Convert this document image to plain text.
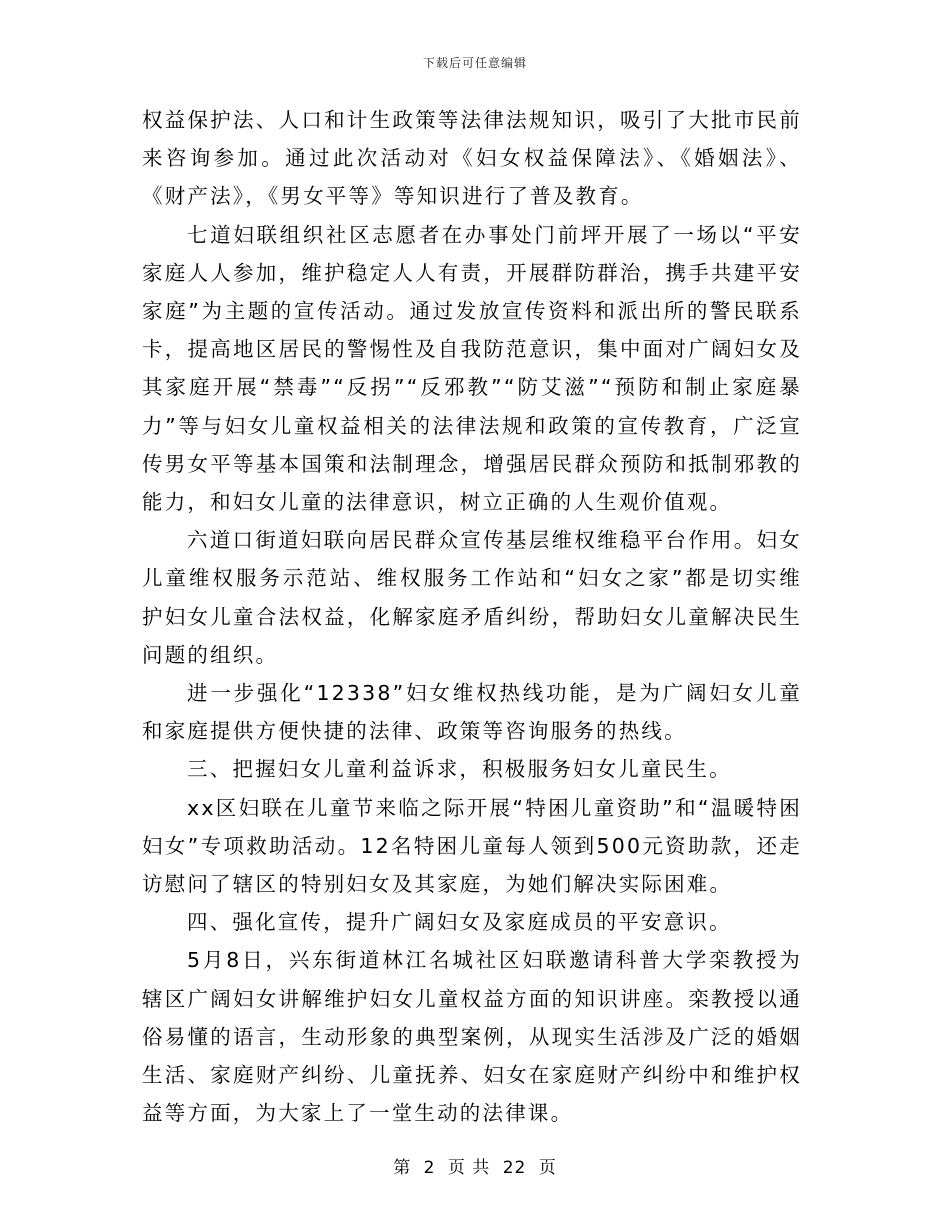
下载后可任意编辑

权益保护法、人口和计生政策等法律法规知识，吸引了大批市民前来咨询参加。通过此次活动对《妇女权益保障法》、《婚姻法》、《财产法》，《男女平等》等知识进行了普及教育。

七道妇联组织社区志愿者在办事处门前坪开展了一场以“平安家庭人人参加，维护稳定人人有责，开展群防群治，携手共建平安家庭”为主题的宣传活动。通过发放宣传资料和派出所的警民联系卡，提高地区居民的警惕性及自我防范意识，集中面对广阔妇女及其家庭开展“禁毒”“反拐”“反邪教”“防艾滋”“预防和制止家庭暴力”等与妇女儿童权益相关的法律法规和政策的宣传教育，广泛宣传男女平等基本国策和法制理念，增强居民群众预防和抵制邪教的能力，和妇女儿童的法律意识，树立正确的人生观价值观。

六道口街道妇联向居民群众宣传基层维权维稳平台作用。妇女儿童维权服务示范站、维权服务工作站和“妇女之家”都是切实维护妇女儿童合法权益，化解家庭矛盾纠纷，帮助妇女儿童解决民生问题的组织。

进一步强化“12338”妇女维权热线功能，是为广阔妇女儿童和家庭提供方便快捷的法律、政策等咨询服务的热线。

三、把握妇女儿童利益诉求，积极服务妇女儿童民生。

xx区妇联在儿童节来临之际开展“特困儿童资助”和“温暖特困妇女”专项救助活动。12名特困儿童每人领到500元资助款，还走访慰问了辖区的特别妇女及其家庭，为她们解决实际困难。

四、强化宣传，提升广阔妇女及家庭成员的平安意识。

5月8日，兴东街道林江名城社区妇联邀请科普大学栾教授为辖区广阔妇女讲解维护妇女儿童权益方面的知识讲座。栾教授以通俗易懂的语言，生动形象的典型案例，从现实生活涉及广泛的婚姻生活、家庭财产纠纷、儿童抚养、妇女在家庭财产纠纷中和维护权益等方面，为大家上了一堂生动的法律课。

第 2 页 共 22 页
